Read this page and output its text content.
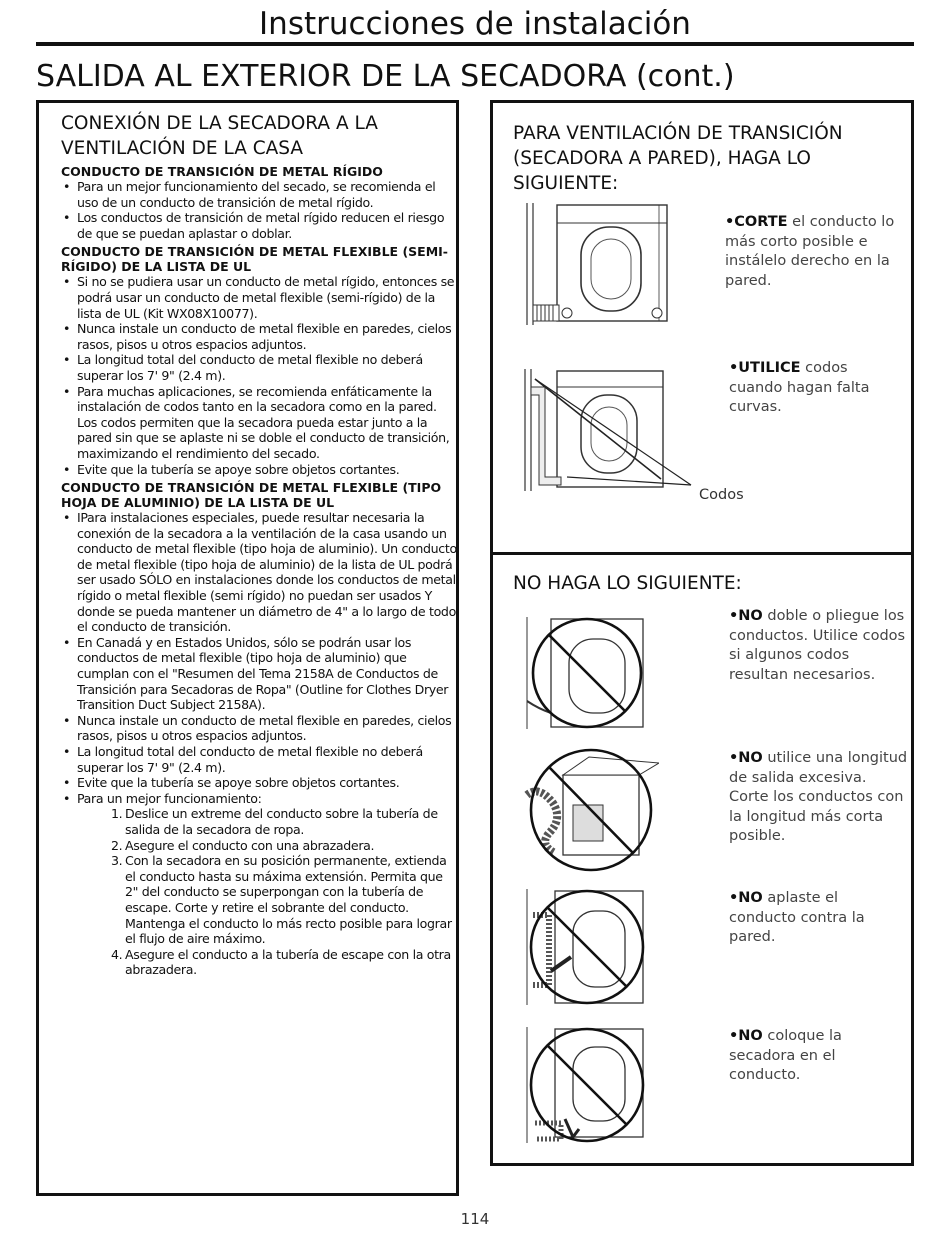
Instrucciones de instalación
SALIDA AL EXTERIOR DE LA SECADORA (cont.)
CONEXIÓN DE LA SECADORA A LA
VENTILACIÓN DE LA CASA
CONDUCTO DE TRANSICIÓN DE METAL RÍGIDO
• Para un mejor funcionamiento del secado, se recomienda el uso de un conducto de transición de metal rígido.
• Los conductos de transición de metal rígido reducen el riesgo de que se puedan aplastar o doblar.
CONDUCTO DE TRANSICIÓN DE METAL FLEXIBLE (SEMI-RÍGIDO) DE LA LISTA DE UL
• Si no se pudiera usar un conducto de metal rígido, entonces se podrá usar un conducto de metal flexible (semi-rígido) de la lista de UL (Kit WX08X10077).
• Nunca instale un conducto de metal flexible en paredes, cielos rasos, pisos u otros espacios adjuntos.
• La longitud total del conducto de metal flexible no deberá superar los 7' 9" (2.4 m).
• Para muchas aplicaciones, se recomienda enfáticamente la instalación de codos tanto en la secadora como en la pared. Los codos permiten que la secadora pueda estar junto a la pared sin que se aplaste ni se doble el conducto de transición, maximizando el rendimiento del secado.
• Evite que la tubería se apoye sobre objetos cortantes.
CONDUCTO DE TRANSICIÓN DE METAL FLEXIBLE (TIPO HOJA DE ALUMINIO) DE LA LISTA DE UL
• IPara instalaciones especiales, puede resultar necesaria la conexión de la secadora a la ventilación de la casa usando un conducto de metal flexible (tipo hoja de aluminio). Un conducto de metal flexible (tipo hoja de aluminio) de la lista de UL podrá ser usado SÓLO en instalaciones donde los conductos de metal rígido o metal flexible (semi rígido) no puedan ser usados Y donde se pueda mantener un diámetro de 4" a lo largo de todo el conducto de transición.
• En Canadá y en Estados Unidos, sólo se podrán usar los conductos de metal flexible (tipo hoja de aluminio) que cumplan con el "Resumen del Tema 2158A de Conductos de Transición para Secadoras de Ropa" (Outline for Clothes Dryer Transition Duct Subject 2158A).
• Nunca instale un conducto de metal flexible en paredes, cielos rasos, pisos u otros espacios adjuntos.
• La longitud total del conducto de metal flexible no deberá superar los 7' 9" (2.4 m).
• Evite que la tubería se apoye sobre objetos cortantes.
• Para un mejor funcionamiento:
1. Deslice un extreme del conducto sobre la tubería de salida de la secadora de ropa.
2. Asegure el conducto con una abrazadera.
3. Con la secadora en su posición permanente, extienda el conducto hasta su máxima extensión. Permita que 2" del conducto se superpongan con la tubería de escape. Corte y retire el sobrante del conducto. Mantenga el conducto lo más recto posible para lograr el flujo de aire máximo.
4. Asegure el conducto a la tubería de escape con la otra abrazadera.
PARA VENTILACIÓN DE TRANSICIÓN (SECADORA A PARED), HAGA LO SIGUIENTE:
•CORTE el conducto lo más corto posible e instálelo derecho en la pared.
•UTILICE codos cuando hagan falta curvas.
Codos
NO HAGA LO SIGUIENTE:
•NO doble o pliegue los conductos. Utilice codos si algunos codos resultan necesarios.
•NO utilice una longitud de salida excesiva. Corte los conductos con la longitud más corta posible.
•NO aplaste el conducto contra la pared.
•NO coloque la secadora en el conducto.
114
